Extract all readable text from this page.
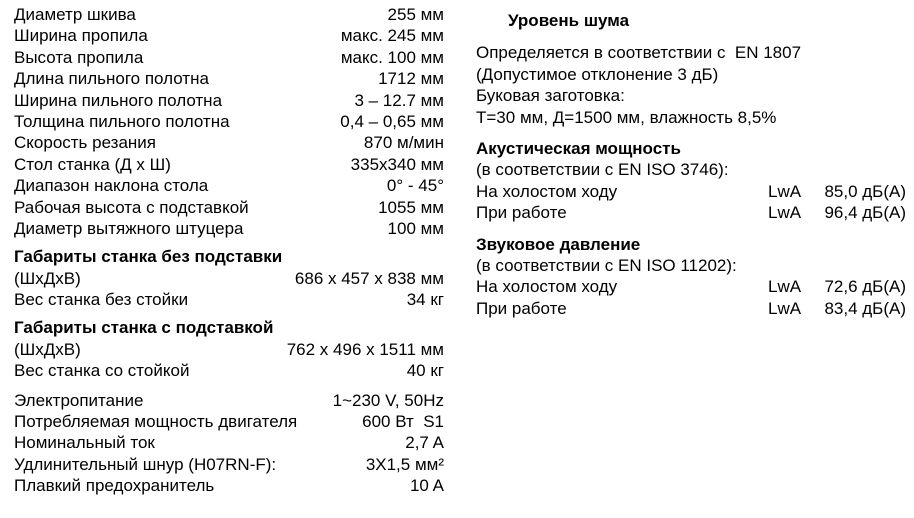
Диаметр шкива	255 мм
Ширина пропила	макс. 245 мм
Высота пропила	макс. 100 мм
Длина пильного полотна	1712 мм
Ширина пильного полотна	3 – 12.7 мм
Толщина пильного полотна	0,4 – 0,65 мм
Скорость резания	870 м/мин
Стол станка (Д х Ш)	335x340 мм
Диапазон наклона стола	0° - 45°
Рабочая высота с подставкой	1055 мм
Диаметр вытяжного штуцера	100 мм
Габариты станка без подставки
(ШхДхВ)	686 x 457 x 838 мм
Вес станка без стойки	34 кг
Габариты станка с подставкой
(ШхДхВ)	762 x 496 x 1511 мм
Вес станка со стойкой	40 кг
Электропитание	1~230 V, 50Hz
Потребляемая мощность двигателя	600 Вт  S1
Номинальный ток	2,7 A
Удлинительный шнур (H07RN-F):	3X1,5 мм²
Плавкий предохранитель	10 A
Уровень шума
Определяется в соответствии с  EN 1807
(Допустимое отклонение 3 дБ)
Буковая заготовка:
T=30 мм, Д=1500 мм, влажность 8,5%
Акустическая мощность
(в соответствии с EN ISO 3746):
На холостом ходу	LwA	85,0 дБ(A)
При работе	LwA	96,4 дБ(A)
Звуковое давление
(в соответствии с EN ISO 11202):
На холостом ходу	LwA	72,6 дБ(A)
При работе	LwA	83,4 дБ(A)
